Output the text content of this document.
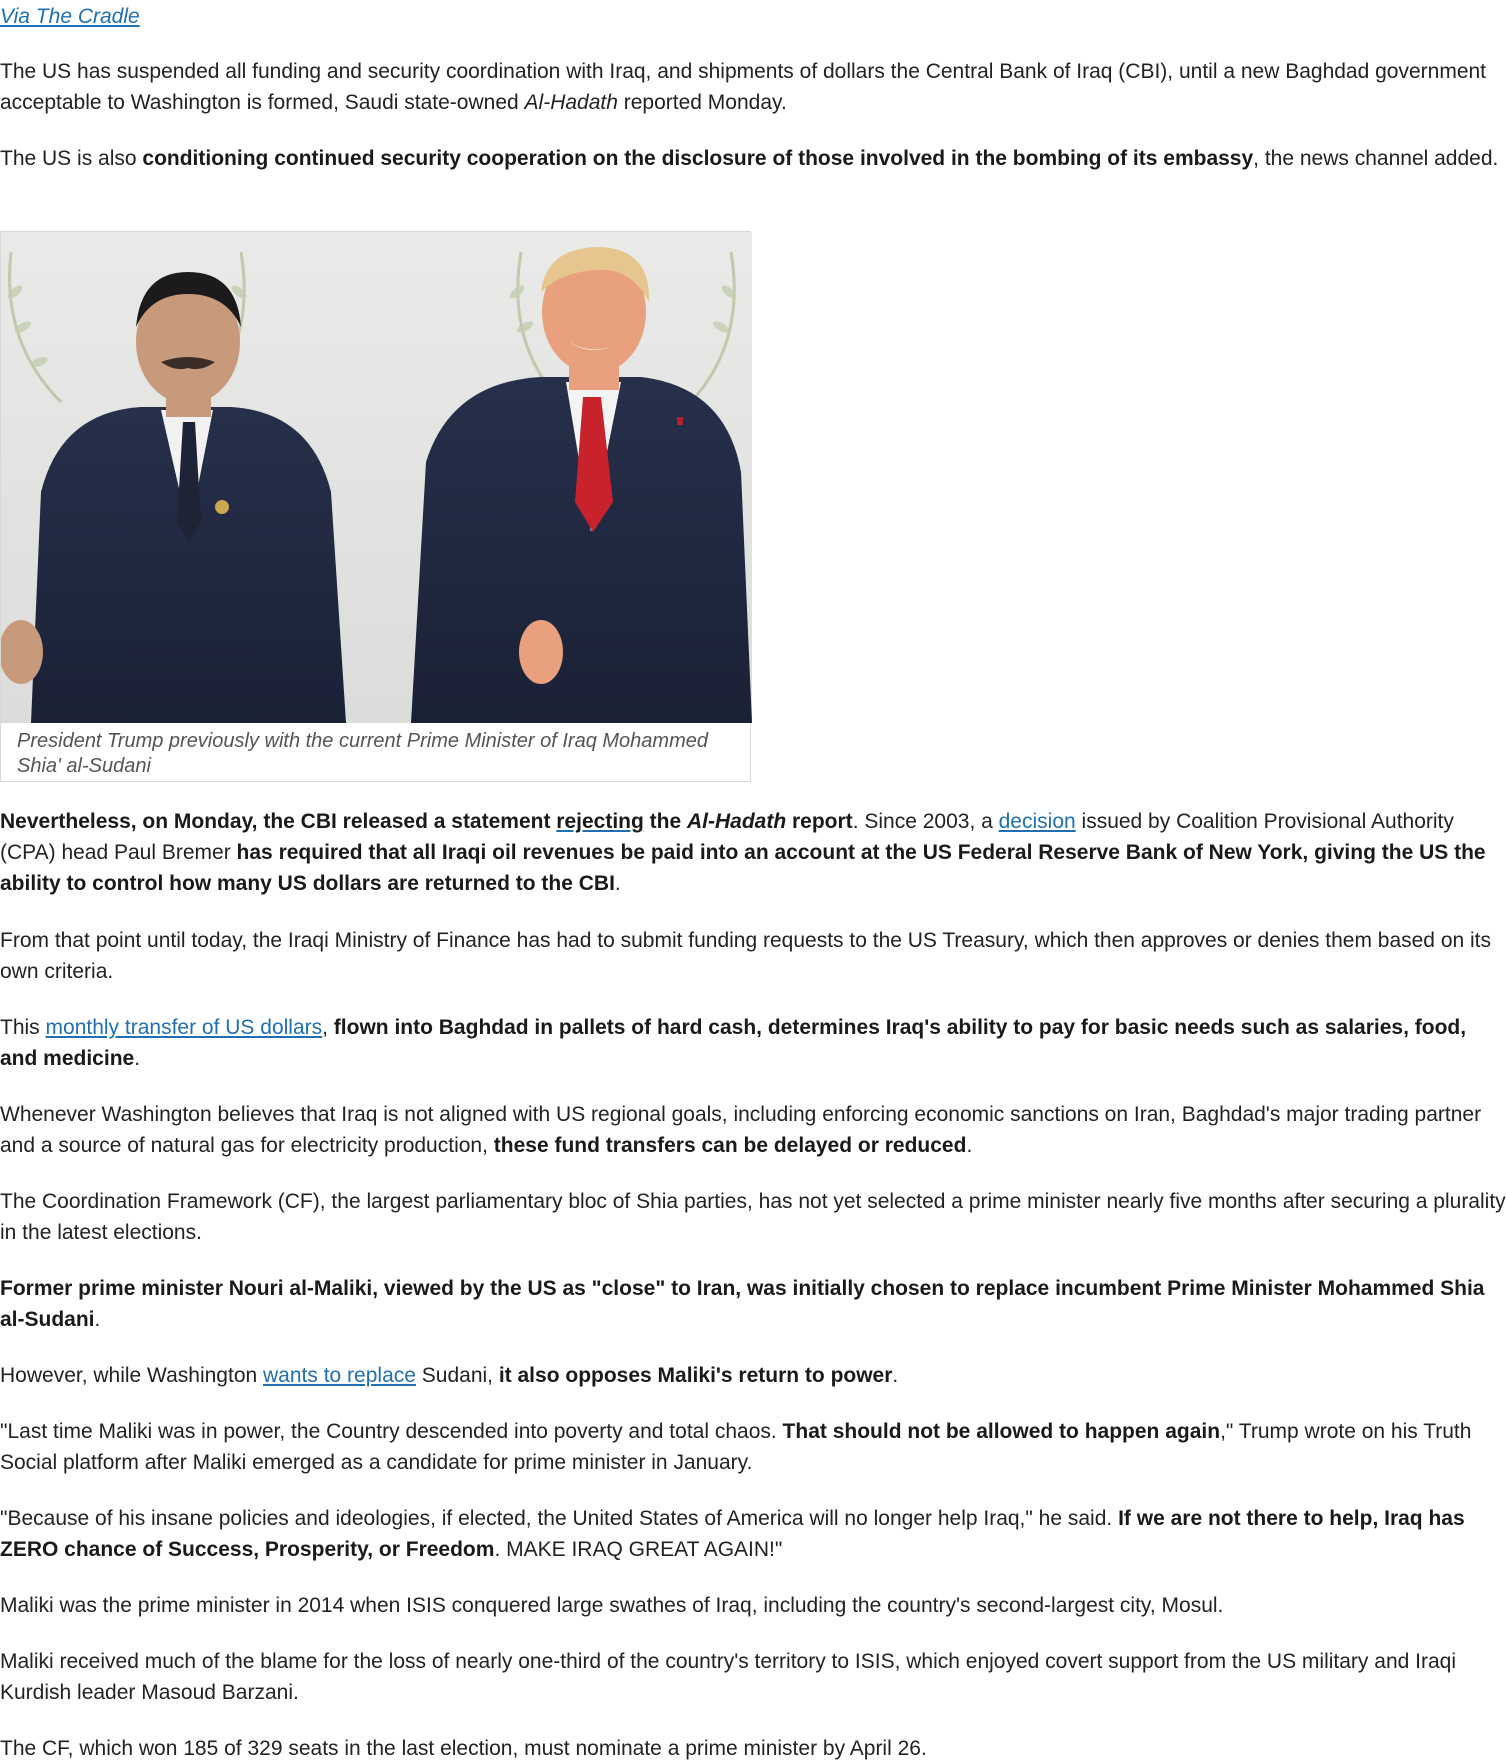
Via The Cradle

The US has suspended all funding and security coordination with Iraq, and shipments of dollars the Central Bank of Iraq (CBI), until a new Baghdad government acceptable to Washington is formed, Saudi state-owned Al-Hadath reported Monday.

The US is also conditioning continued security cooperation on the disclosure of those involved in the bombing of its embassy, the news channel added.

President Trump previously with the current Prime Minister of Iraq Mohammed Shia' al-Sudani

Nevertheless, on Monday, the CBI released a statement rejecting the Al-Hadath report. Since 2003, a decision issued by Coalition Provisional Authority (CPA) head Paul Bremer has required that all Iraqi oil revenues be paid into an account at the US Federal Reserve Bank of New York, giving the US the ability to control how many US dollars are returned to the CBI.

From that point until today, the Iraqi Ministry of Finance has had to submit funding requests to the US Treasury, which then approves or denies them based on its own criteria.

This monthly transfer of US dollars, flown into Baghdad in pallets of hard cash, determines Iraq's ability to pay for basic needs such as salaries, food, and medicine.

Whenever Washington believes that Iraq is not aligned with US regional goals, including enforcing economic sanctions on Iran, Baghdad's major trading partner and a source of natural gas for electricity production, these fund transfers can be delayed or reduced.

The Coordination Framework (CF), the largest parliamentary bloc of Shia parties, has not yet selected a prime minister nearly five months after securing a plurality in the latest elections.

Former prime minister Nouri al-Maliki, viewed by the US as "close" to Iran, was initially chosen to replace incumbent Prime Minister Mohammed Shia al-Sudani.

However, while Washington wants to replace Sudani, it also opposes Maliki's return to power.

"Last time Maliki was in power, the Country descended into poverty and total chaos. That should not be allowed to happen again," Trump wrote on his Truth Social platform after Maliki emerged as a candidate for prime minister in January.

"Because of his insane policies and ideologies, if elected, the United States of America will no longer help Iraq," he said. If we are not there to help, Iraq has ZERO chance of Success, Prosperity, or Freedom. MAKE IRAQ GREAT AGAIN!"

Maliki was the prime minister in 2014 when ISIS conquered large swathes of Iraq, including the country's second-largest city, Mosul.

Maliki received much of the blame for the loss of nearly one-third of the country's territory to ISIS, which enjoyed covert support from the US military and Iraqi Kurdish leader Masoud Barzani.

The CF, which won 185 of 329 seats in the last election, must nominate a prime minister by April 26.
